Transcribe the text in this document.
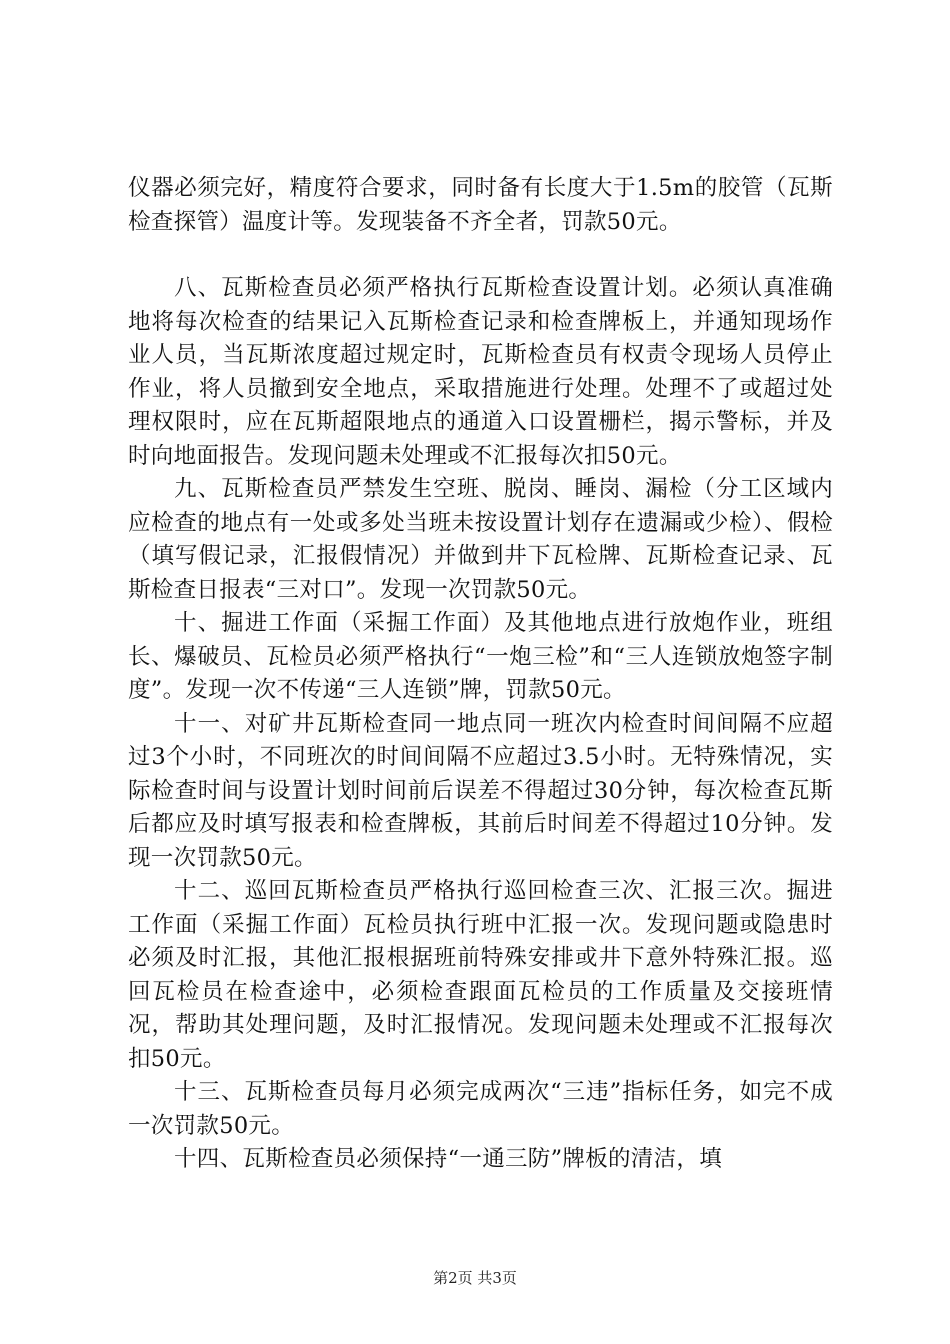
仪器必须完好，精度符合要求，同时备有长度大于1.5m的胶管（瓦斯检查探管）温度计等。发现装备不齐全者，罚款50元。

八、瓦斯检查员必须严格执行瓦斯检查设置计划。必须认真准确地将每次检查的结果记入瓦斯检查记录和检查牌板上，并通知现场作业人员，当瓦斯浓度超过规定时，瓦斯检查员有权责令现场人员停止作业，将人员撤到安全地点，采取措施进行处理。处理不了或超过处理权限时，应在瓦斯超限地点的通道入口设置栅栏，揭示警标，并及时向地面报告。发现问题未处理或不汇报每次扣50元。

九、瓦斯检查员严禁发生空班、脱岗、睡岗、漏检（分工区域内应检查的地点有一处或多处当班未按设置计划存在遗漏或少检）、假检（填写假记录，汇报假情况）并做到井下瓦检牌、瓦斯检查记录、瓦斯检查日报表“三对口”。发现一次罚款50元。

十、掘进工作面（采掘工作面）及其他地点进行放炮作业，班组长、爆破员、瓦检员必须严格执行“一炮三检”和“三人连锁放炮签字制度”。发现一次不传递“三人连锁”牌，罚款50元。

十一、对矿井瓦斯检查同一地点同一班次内检查时间间隔不应超过3个小时，不同班次的时间间隔不应超过3.5小时。无特殊情况，实际检查时间与设置计划时间前后误差不得超过30分钟，每次检查瓦斯后都应及时填写报表和检查牌板，其前后时间差不得超过10分钟。发现一次罚款50元。

十二、巡回瓦斯检查员严格执行巡回检查三次、汇报三次。掘进工作面（采掘工作面）瓦检员执行班中汇报一次。发现问题或隐患时必须及时汇报，其他汇报根据班前特殊安排或井下意外特殊汇报。巡回瓦检员在检查途中，必须检查跟面瓦检员的工作质量及交接班情况，帮助其处理问题，及时汇报情况。发现问题未处理或不汇报每次扣50元。

十三、瓦斯检查员每月必须完成两次“三违”指标任务，如完不成一次罚款50元。

十四、瓦斯检查员必须保持“一通三防”牌板的清洁，填

第2页 共3页
